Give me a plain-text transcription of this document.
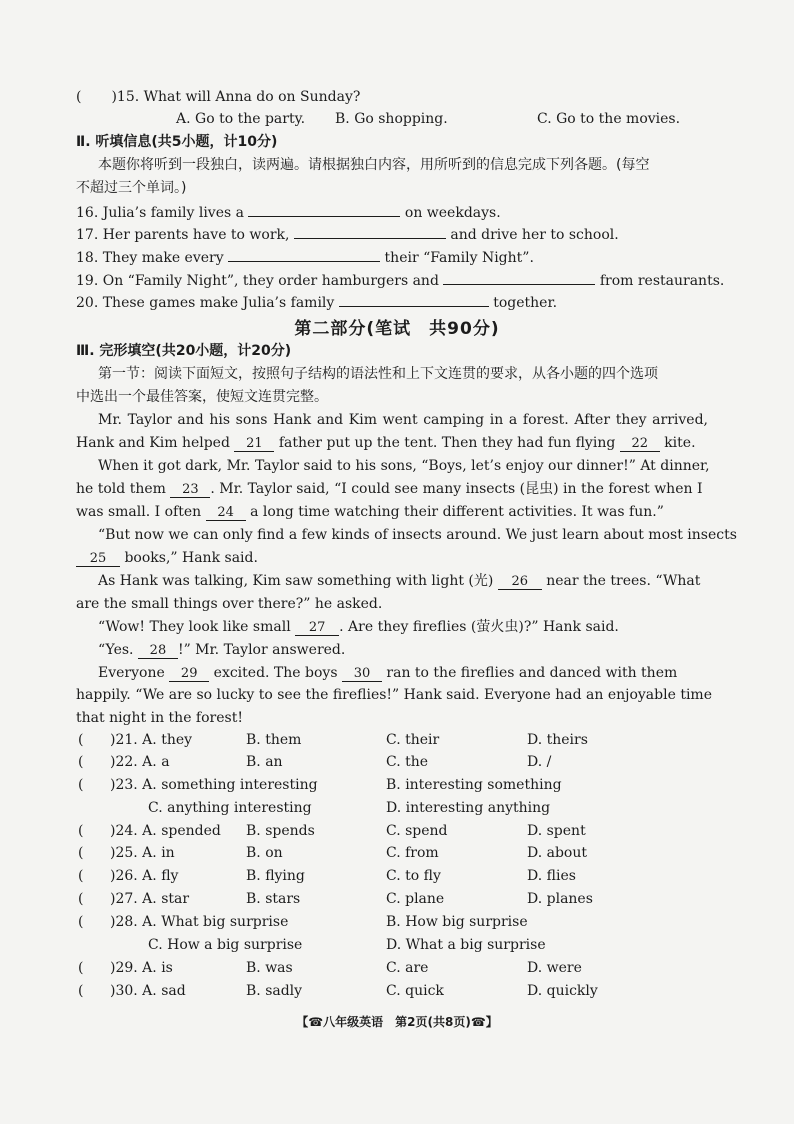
( )15. What will Anna do on Sunday?
A. Go to the party. B. Go shopping.	C. Go to the movies.
Ⅱ. 听填信息(共5小题，计10分)
本题你将听到一段独白，读两遍。请根据独白内容，用所听到的信息完成下列各题。(每空
不超过三个单词。)
16. Julia’s family lives a	on weekdays.
17. Her parents have to work,	and drive her to school.
18. They make every	their “Family Night”.
19. On “Family Night”, they order hamburgers and	from restaurants.
20. These games make Julia’s family	together.
第二部分(笔试　共90分)
Ⅲ. 完形填空(共20小题，计20分)
第一节：阅读下面短文，按照句子结构的语法性和上下文连贯的要求，从各小题的四个选项
中选出一个最佳答案，使短文连贯完整。
Mr. Taylor and his sons Hank and Kim went camping in a forest. After they arrived,
Hank and Kim helped 21 father put up the tent. Then they had fun flying 22 kite.
When it got dark, Mr. Taylor said to his sons, “Boys, let’s enjoy our dinner!” At dinner,
he told them 23 . Mr. Taylor said, “I could see many insects (昆虫) in the forest when I
was small. I often 24 a long time watching their different activities. It was fun.”
“But now we can only find a few kinds of insects around. We just learn about most insects
25 books,” Hank said.
As Hank was talking, Kim saw something with light (光) 26 near the trees. “What
are the small things over there?” he asked.
“Wow! They look like small 27 . Are they fireflies (萤火虫)?” Hank said.
“Yes. 28 !” Mr. Taylor answered.
Everyone 29 excited. The boys 30 ran to the fireflies and danced with them
happily. “We are so lucky to see the fireflies!” Hank said. Everyone had an enjoyable time
that night in the forest!
( )21. A. they	B. them	C. their	D. theirs
( )22. A. a	B. an	C. the	D. /
( )23. A. something interesting	B. interesting something
C. anything interesting	D. interesting anything
( )24. A. spended B. spends	C. spend	D. spent
( )25. A. in	B. on	C. from	D. about
( )26. A. fly	B. flying	C. to fly	D. flies
( )27. A. star	B. stars	C. plane	D. planes
( )28. A. What big surprise	B. How big surprise
C. How a big surprise	D. What a big surprise
( )29. A. is	B. was	C. are	D. were
( )30. A. sad	B. sadly	C. quick	D. quickly
【☎八年级英语　第2页(共8页)☎】
